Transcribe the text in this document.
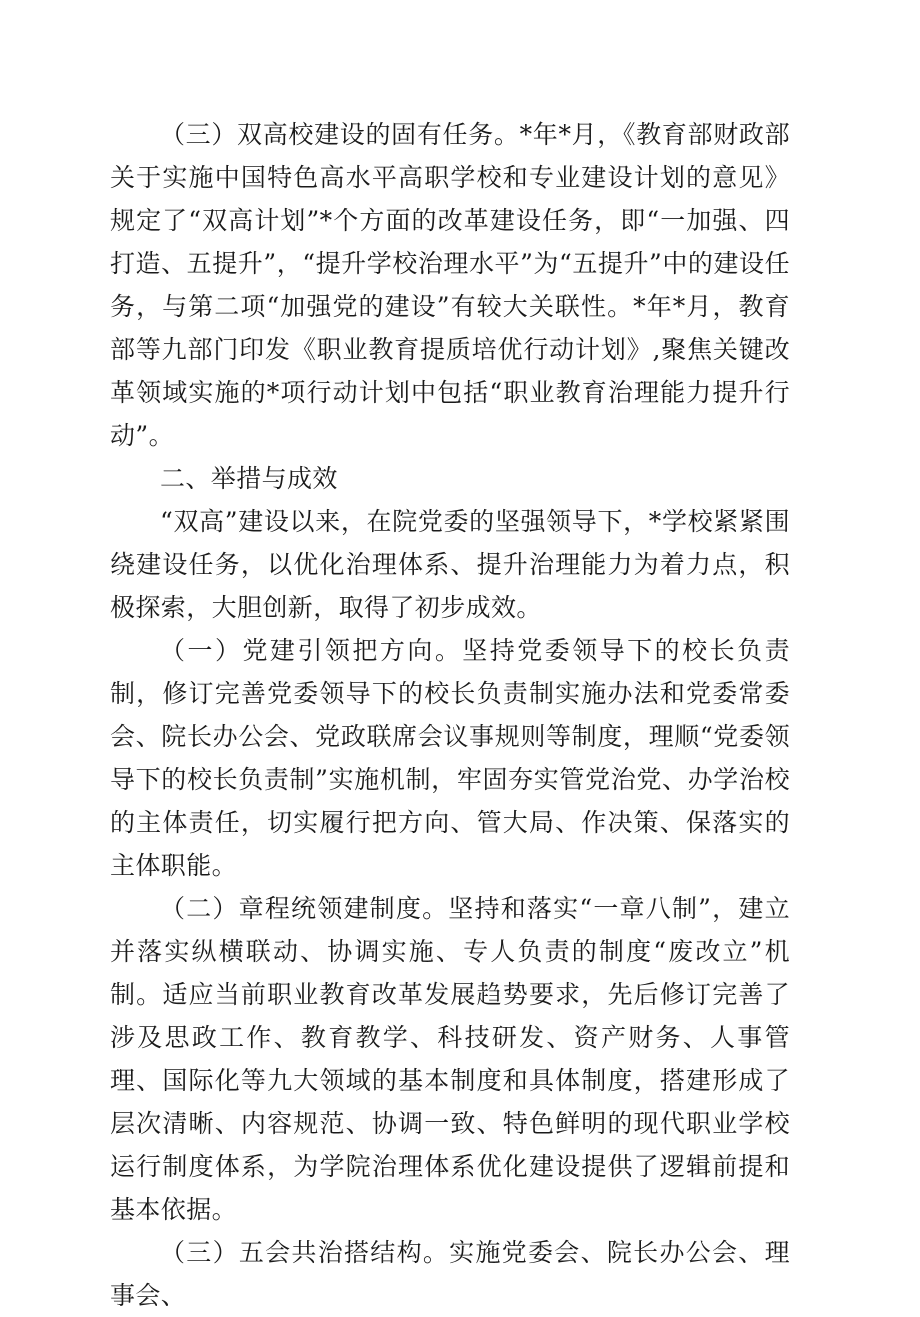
（三）双高校建设的固有任务。*年*月，《教育部财政部关于实施中国特色高水平高职学校和专业建设计划的意见》规定了“双高计划”*个方面的改革建设任务，即“一加强、四打造、五提升”，“提升学校治理水平”为“五提升”中的建设任务，与第二项“加强党的建设”有较大关联性。*年*月，教育部等九部门印发《职业教育提质培优行动计划》,聚焦关键改革领域实施的*项行动计划中包括“职业教育治理能力提升行动”。

二、举措与成效

“双高”建设以来，在院党委的坚强领导下，*学校紧紧围绕建设任务，以优化治理体系、提升治理能力为着力点，积极探索，大胆创新，取得了初步成效。

（一）党建引领把方向。坚持党委领导下的校长负责制，修订完善党委领导下的校长负责制实施办法和党委常委会、院长办公会、党政联席会议事规则等制度，理顺“党委领导下的校长负责制”实施机制，牢固夯实管党治党、办学治校的主体责任，切实履行把方向、管大局、作决策、保落实的主体职能。

（二）章程统领建制度。坚持和落实“一章八制”，建立并落实纵横联动、协调实施、专人负责的制度“废改立”机制。适应当前职业教育改革发展趋势要求，先后修订完善了涉及思政工作、教育教学、科技研发、资产财务、人事管理、国际化等九大领域的基本制度和具体制度，搭建形成了层次清晰、内容规范、协调一致、特色鲜明的现代职业学校运行制度体系，为学院治理体系优化建设提供了逻辑前提和基本依据。

（三）五会共治搭结构。实施党委会、院长办公会、理事会、
